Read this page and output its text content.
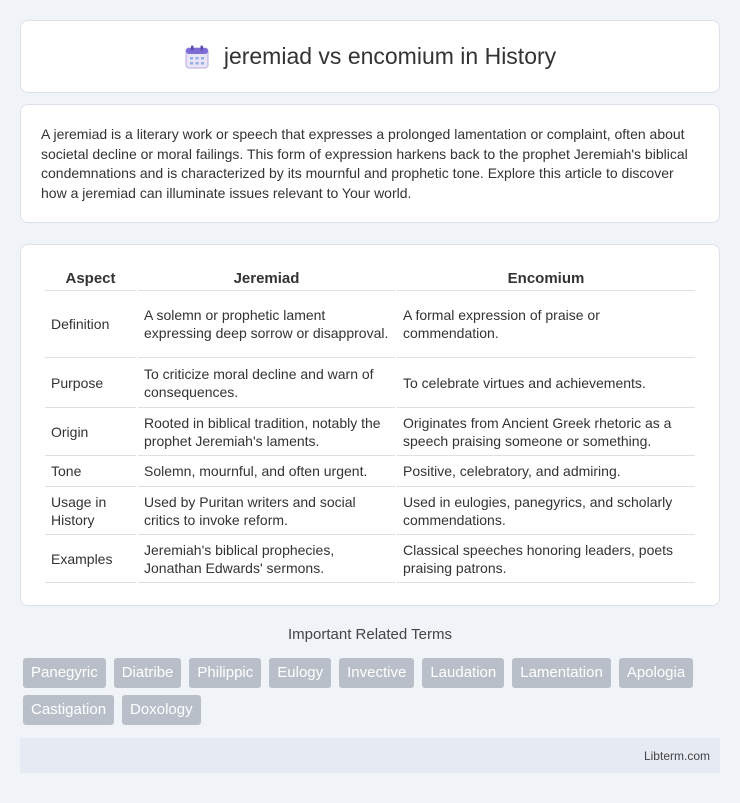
jeremiad vs encomium in History

A jeremiad is a literary work or speech that expresses a prolonged lamentation or complaint, often about societal decline or moral failings. This form of expression harkens back to the prophet Jeremiah's biblical condemnations and is characterized by its mournful and prophetic tone. Explore this article to discover how a jeremiad can illuminate issues relevant to Your world.

Aspect	Jeremiad	Encomium
Definition	A solemn or prophetic lament expressing deep sorrow or disapproval.	A formal expression of praise or commendation.
Purpose	To criticize moral decline and warn of consequences.	To celebrate virtues and achievements.
Origin	Rooted in biblical tradition, notably the prophet Jeremiah's laments.	Originates from Ancient Greek rhetoric as a speech praising someone or something.
Tone	Solemn, mournful, and often urgent.	Positive, celebratory, and admiring.
Usage in History	Used by Puritan writers and social critics to invoke reform.	Used in eulogies, panegyrics, and scholarly commendations.
Examples	Jeremiah's biblical prophecies, Jonathan Edwards' sermons.	Classical speeches honoring leaders, poets praising patrons.
Important Related Terms
Panegyric	Diatribe	Philippic	Eulogy	Invective	Laudation	Lamentation	Apologia
Castigation	Doxology
Libterm.com
